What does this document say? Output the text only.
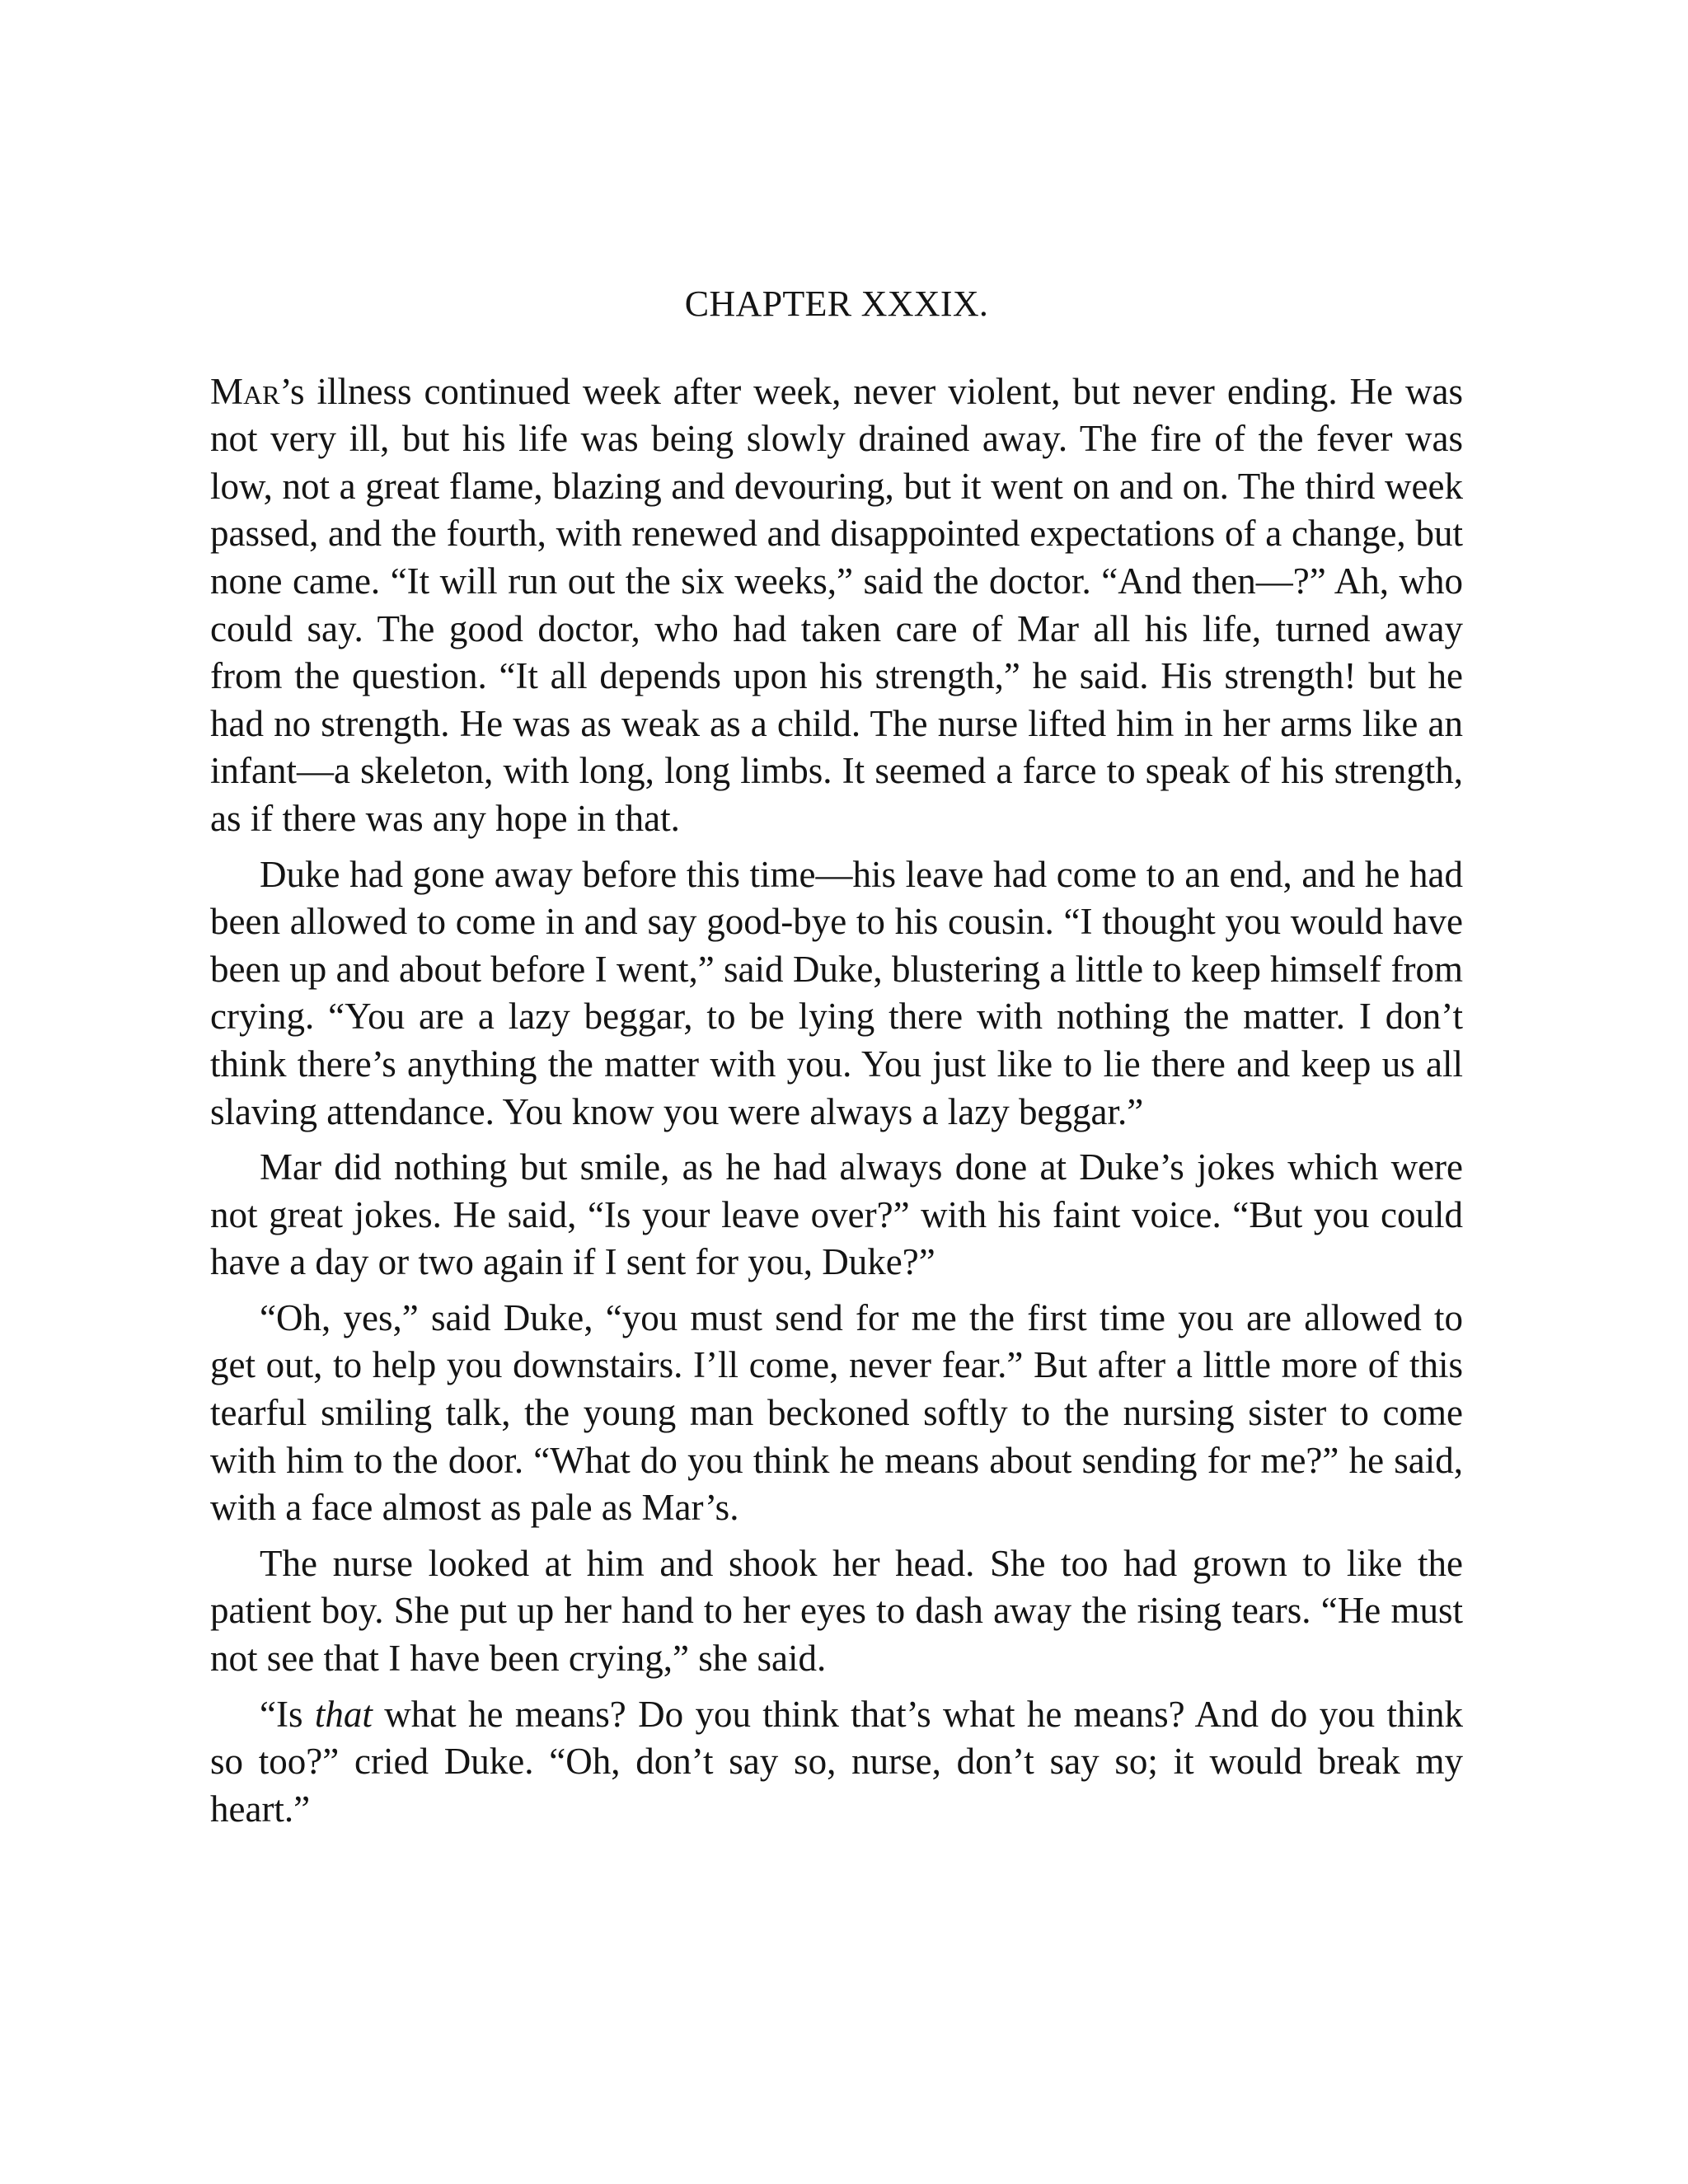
CHAPTER XXXIX.

Mar’s illness continued week after week, never violent, but never ending. He was not very ill, but his life was being slowly drained away. The fire of the fever was low, not a great flame, blazing and devouring, but it went on and on. The third week passed, and the fourth, with renewed and disappointed expectations of a change, but none came. “It will run out the six weeks,” said the doctor. “And then—?” Ah, who could say. The good doctor, who had taken care of Mar all his life, turned away from the question. “It all depends upon his strength,” he said. His strength! but he had no strength. He was as weak as a child. The nurse lifted him in her arms like an infant—a skeleton, with long, long limbs. It seemed a farce to speak of his strength, as if there was any hope in that.

Duke had gone away before this time—his leave had come to an end, and he had been allowed to come in and say good-bye to his cousin. “I thought you would have been up and about before I went,” said Duke, blustering a little to keep himself from crying. “You are a lazy beggar, to be lying there with nothing the matter. I don’t think there’s anything the matter with you. You just like to lie there and keep us all slaving attendance. You know you were always a lazy beggar.”

Mar did nothing but smile, as he had always done at Duke’s jokes which were not great jokes. He said, “Is your leave over?” with his faint voice. “But you could have a day or two again if I sent for you, Duke?”

“Oh, yes,” said Duke, “you must send for me the first time you are allowed to get out, to help you downstairs. I’ll come, never fear.” But after a little more of this tearful smiling talk, the young man beckoned softly to the nursing sister to come with him to the door. “What do you think he means about sending for me?” he said, with a face almost as pale as Mar’s.

The nurse looked at him and shook her head. She too had grown to like the patient boy. She put up her hand to her eyes to dash away the rising tears. “He must not see that I have been crying,” she said.

“Is that what he means? Do you think that’s what he means? And do you think so too?” cried Duke. “Oh, don’t say so, nurse, don’t say so; it would break my heart.”
